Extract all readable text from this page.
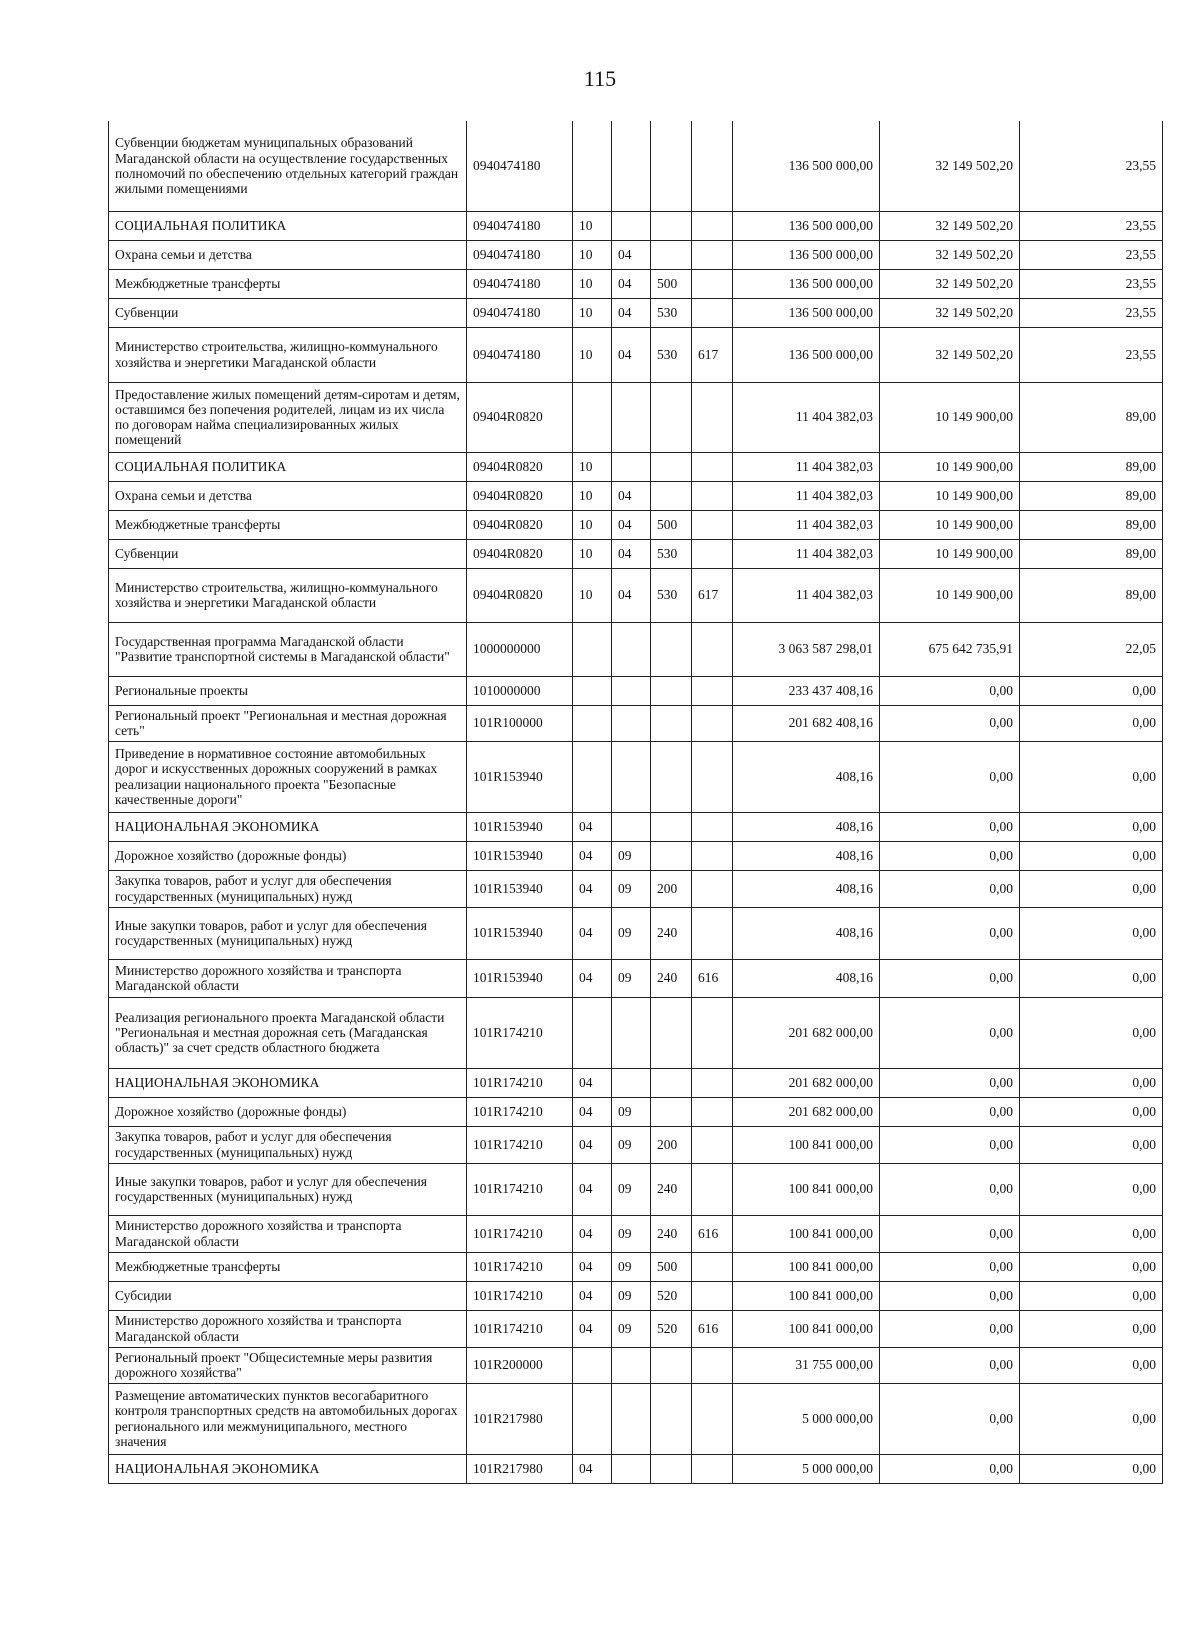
115
Субвенции бюджетам муниципальных образований Магаданской области на осуществление государственных полномочий по обеспечению отдельных категорий граждан жилыми помещениями	0940474180					136 500 000,00	32 149 502,20	23,55
СОЦИАЛЬНАЯ ПОЛИТИКА	0940474180	10				136 500 000,00	32 149 502,20	23,55
Охрана семьи и детства	0940474180	10	04			136 500 000,00	32 149 502,20	23,55
Межбюджетные трансферты	0940474180	10	04	500		136 500 000,00	32 149 502,20	23,55
Субвенции	0940474180	10	04	530		136 500 000,00	32 149 502,20	23,55
Министерство строительства, жилищно-коммунального хозяйства и энергетики Магаданской области	0940474180	10	04	530	617	136 500 000,00	32 149 502,20	23,55
Предоставление жилых помещений детям-сиротам и детям, оставшимся без попечения родителей, лицам из их числа по договорам найма специализированных жилых помещений	09404R0820					11 404 382,03	10 149 900,00	89,00
СОЦИАЛЬНАЯ ПОЛИТИКА	09404R0820	10				11 404 382,03	10 149 900,00	89,00
Охрана семьи и детства	09404R0820	10	04			11 404 382,03	10 149 900,00	89,00
Межбюджетные трансферты	09404R0820	10	04	500		11 404 382,03	10 149 900,00	89,00
Субвенции	09404R0820	10	04	530		11 404 382,03	10 149 900,00	89,00
Министерство строительства, жилищно-коммунального хозяйства и энергетики Магаданской области	09404R0820	10	04	530	617	11 404 382,03	10 149 900,00	89,00
Государственная программа Магаданской области "Развитие транспортной системы в Магаданской области"	1000000000					3 063 587 298,01	675 642 735,91	22,05
Региональные проекты	1010000000					233 437 408,16	0,00	0,00
Региональный проект "Региональная и местная дорожная сеть"	101R100000					201 682 408,16	0,00	0,00
Приведение в нормативное состояние автомобильных дорог и искусственных дорожных сооружений в рамках реализации национального проекта "Безопасные качественные дороги"	101R153940					408,16	0,00	0,00
НАЦИОНАЛЬНАЯ ЭКОНОМИКА	101R153940	04				408,16	0,00	0,00
Дорожное хозяйство (дорожные фонды)	101R153940	04	09			408,16	0,00	0,00
Закупка товаров, работ и услуг для обеспечения государственных (муниципальных) нужд	101R153940	04	09	200		408,16	0,00	0,00
Иные закупки товаров, работ и услуг для обеспечения государственных (муниципальных) нужд	101R153940	04	09	240		408,16	0,00	0,00
Министерство дорожного хозяйства и транспорта Магаданской области	101R153940	04	09	240	616	408,16	0,00	0,00
Реализация регионального проекта Магаданской области "Региональная и местная дорожная сеть (Магаданская область)" за счет средств областного бюджета	101R174210					201 682 000,00	0,00	0,00
НАЦИОНАЛЬНАЯ ЭКОНОМИКА	101R174210	04				201 682 000,00	0,00	0,00
Дорожное хозяйство (дорожные фонды)	101R174210	04	09			201 682 000,00	0,00	0,00
Закупка товаров, работ и услуг для обеспечения государственных (муниципальных) нужд	101R174210	04	09	200		100 841 000,00	0,00	0,00
Иные закупки товаров, работ и услуг для обеспечения государственных (муниципальных) нужд	101R174210	04	09	240		100 841 000,00	0,00	0,00
Министерство дорожного хозяйства и транспорта Магаданской области	101R174210	04	09	240	616	100 841 000,00	0,00	0,00
Межбюджетные трансферты	101R174210	04	09	500		100 841 000,00	0,00	0,00
Субсидии	101R174210	04	09	520		100 841 000,00	0,00	0,00
Министерство дорожного хозяйства и транспорта Магаданской области	101R174210	04	09	520	616	100 841 000,00	0,00	0,00
Региональный проект "Общесистемные меры развития дорожного хозяйства"	101R200000					31 755 000,00	0,00	0,00
Размещение автоматических пунктов весогабаритного контроля транспортных средств на автомобильных дорогах регионального или межмуниципального, местного значения	101R217980					5 000 000,00	0,00	0,00
НАЦИОНАЛЬНАЯ ЭКОНОМИКА	101R217980	04				5 000 000,00	0,00	0,00
